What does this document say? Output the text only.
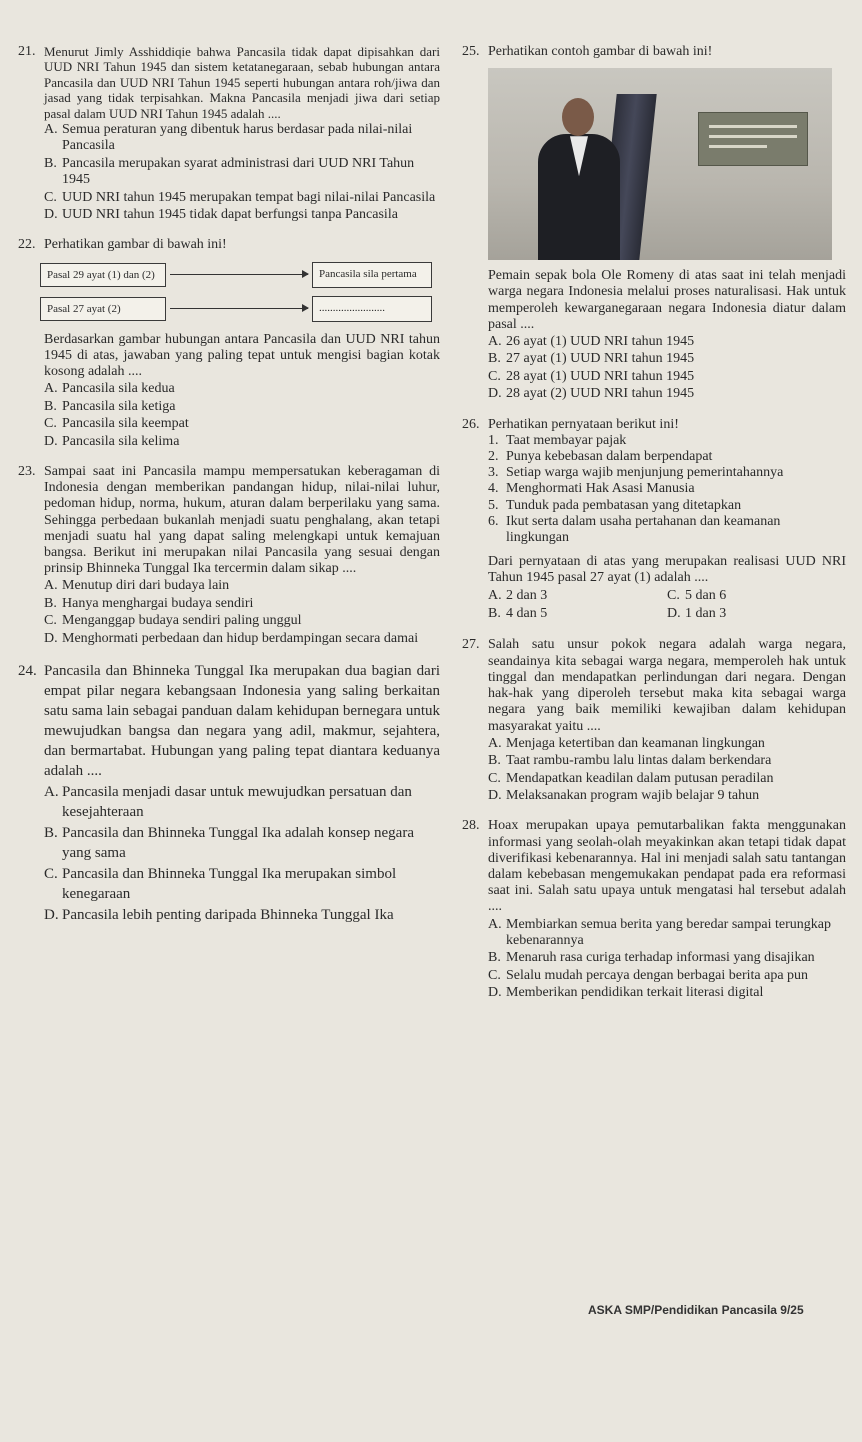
21. Menurut Jimly Asshiddiqie bahwa Pancasila tidak dapat dipisahkan dari UUD NRI Tahun 1945 dan sistem ketatanegaraan, sebab hubungan antara Pancasila dan UUD NRI Tahun 1945 seperti hubungan antara roh/jiwa dan jasad yang tidak terpisahkan. Makna Pancasila menjadi jiwa dari setiap pasal dalam UUD NRI Tahun 1945 adalah ....
A. Semua peraturan yang dibentuk harus berdasar pada nilai-nilai Pancasila
B. Pancasila merupakan syarat administrasi dari UUD NRI Tahun 1945
C. UUD NRI tahun 1945 merupakan tempat bagi nilai-nilai Pancasila
D. UUD NRI tahun 1945 tidak dapat berfungsi tanpa Pancasila
22. Perhatikan gambar di bawah ini!
Pasal 29 ayat (1) dan (2)	Pancasila sila pertama
Pasal 27 ayat (2)	........................
Berdasarkan gambar hubungan antara Pancasila dan UUD NRI tahun 1945 di atas, jawaban yang paling tepat untuk mengisi bagian kotak kosong adalah ....
A. Pancasila sila kedua
B. Pancasila sila ketiga
C. Pancasila sila keempat
D. Pancasila sila kelima
23. Sampai saat ini Pancasila mampu mempersatukan keberagaman di Indonesia dengan memberikan pandangan hidup, nilai-nilai luhur, pedoman hidup, norma, hukum, aturan dalam berperilaku yang sama. Sehingga perbedaan bukanlah menjadi suatu penghalang, akan tetapi menjadi suatu hal yang dapat saling melengkapi untuk kemajuan bangsa. Berikut ini merupakan nilai Pancasila yang sesuai dengan prinsip Bhinneka Tunggal Ika tercermin dalam sikap ....
A. Menutup diri dari budaya lain
B. Hanya menghargai budaya sendiri
C. Menganggap budaya sendiri paling unggul
D. Menghormati perbedaan dan hidup berdampingan secara damai
24. Pancasila dan Bhinneka Tunggal Ika merupakan dua bagian dari empat pilar negara kebangsaan Indonesia yang saling berkaitan satu sama lain sebagai panduan dalam kehidupan bernegara untuk mewujudkan bangsa dan negara yang adil, makmur, sejahtera, dan bermartabat. Hubungan yang paling tepat diantara keduanya adalah ....
A. Pancasila menjadi dasar untuk mewujudkan persatuan dan kesejahteraan
B. Pancasila dan Bhinneka Tunggal Ika adalah konsep negara yang sama
C. Pancasila dan Bhinneka Tunggal Ika merupakan simbol kenegaraan
D. Pancasila lebih penting daripada Bhinneka Tunggal Ika
25. Perhatikan contoh gambar di bawah ini!
Pemain sepak bola Ole Romeny di atas saat ini telah menjadi warga negara Indonesia melalui proses naturalisasi. Hak untuk memperoleh kewarganegaraan negara Indonesia diatur dalam pasal ....
A. 26 ayat (1) UUD NRI tahun 1945
B. 27 ayat (1) UUD NRI tahun 1945
C. 28 ayat (1) UUD NRI tahun 1945
D. 28 ayat (2) UUD NRI tahun 1945
26. Perhatikan pernyataan berikut ini!
1. Taat membayar pajak
2. Punya kebebasan dalam berpendapat
3. Setiap warga wajib menjunjung pemerintahannya
4. Menghormati Hak Asasi Manusia
5. Tunduk pada pembatasan yang ditetapkan
6. Ikut serta dalam usaha pertahanan dan keamanan lingkungan
Dari pernyataan di atas yang merupakan realisasi UUD NRI Tahun 1945 pasal 27 ayat (1) adalah ....
A. 2 dan 3	C. 5 dan 6
B. 4 dan 5	D. 1 dan 3
27. Salah satu unsur pokok negara adalah warga negara, seandainya kita sebagai warga negara, memperoleh hak untuk tinggal dan mendapatkan perlindungan dari negara. Dengan hak-hak yang diperoleh tersebut maka kita sebagai warga negara yang baik memiliki kewajiban dalam kehidupan masyarakat yaitu ....
A. Menjaga ketertiban dan keamanan lingkungan
B. Taat rambu-rambu lalu lintas dalam berkendara
C. Mendapatkan keadilan dalam putusan peradilan
D. Melaksanakan program wajib belajar 9 tahun
28. Hoax merupakan upaya pemutarbalikan fakta menggunakan informasi yang seolah-olah meyakinkan akan tetapi tidak dapat diverifikasi kebenarannya. Hal ini menjadi salah satu tantangan dalam kebebasan mengemukakan pendapat pada era reformasi saat ini. Salah satu upaya untuk mengatasi hal tersebut adalah ....
A. Membiarkan semua berita yang beredar sampai terungkap kebenarannya
B. Menaruh rasa curiga terhadap informasi yang disajikan
C. Selalu mudah percaya dengan berbagai berita apa pun
D. Memberikan pendidikan terkait literasi digital
ASKA SMP/Pendidikan Pancasila 9/25
